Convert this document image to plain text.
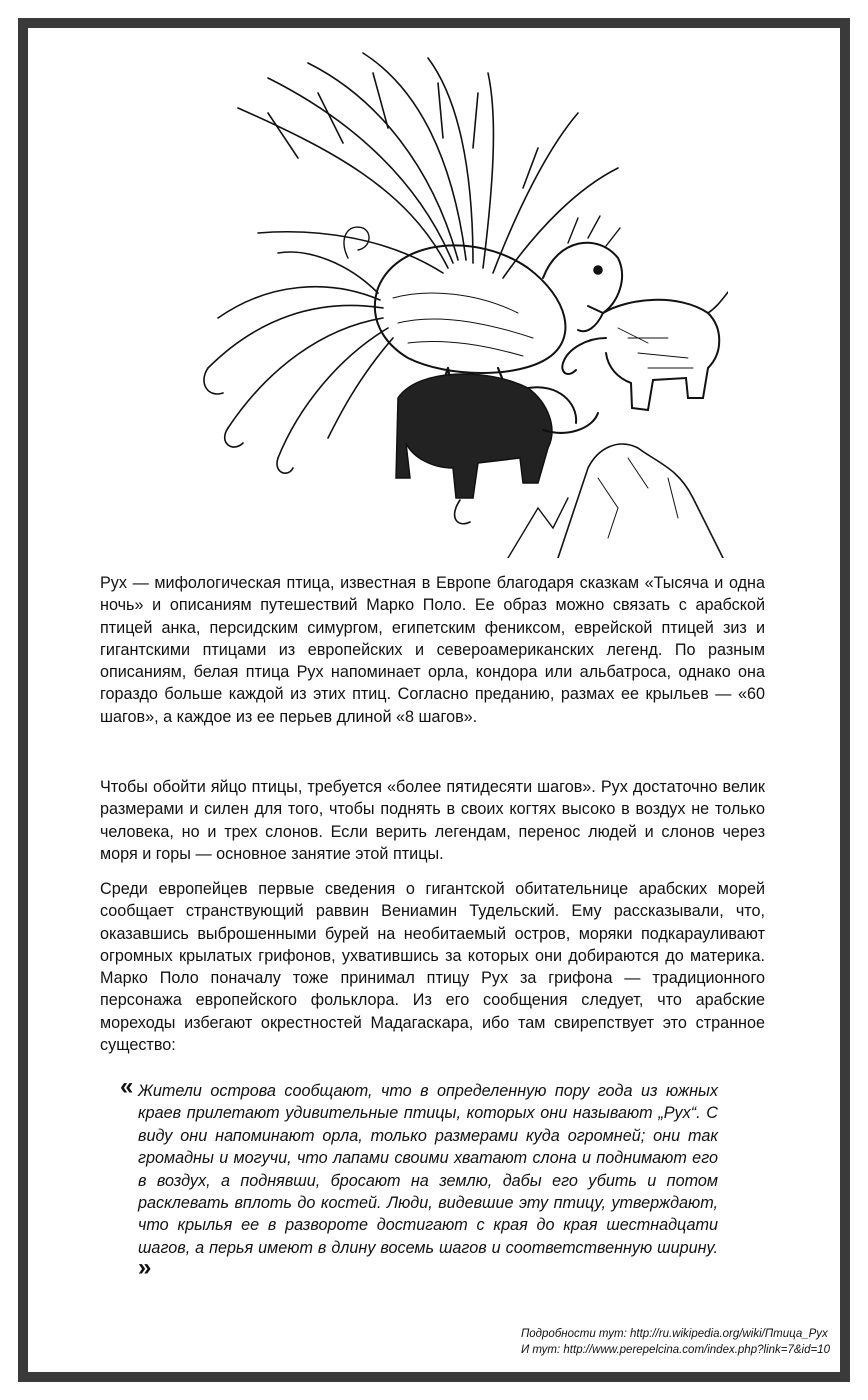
Рух — мифологическая птица, известная в Европе благодаря сказкам «Тысяча и одна ночь» и описаниям путешествий Марко Поло. Ее образ можно связать с арабской птицей анка, персидским симургом, египетским фениксом, еврейской птицей зиз и гигантскими птицами из европейских и североамериканских легенд. По разным описаниям, белая птица Рух напоминает орла, кондора или альбатроса, однако она гораздо больше каждой из этих птиц. Согласно преданию, размах ее крыльев — «60 шагов», а каждое из ее перьев длиной «8 шагов».

Чтобы обойти яйцо птицы, требуется «более пятидесяти шагов». Рух достаточно велик размерами и силен для того, чтобы поднять в своих когтях высоко в воздух не только человека, но и трех слонов. Если верить легендам, перенос людей и слонов через моря и горы — основное занятие этой птицы.

Среди европейцев первые сведения о гигантской обитательнице арабских морей сообщает странствующий раввин Вениамин Тудельский. Ему рассказывали, что, оказавшись выброшенными бурей на необитаемый остров, моряки подкарауливают огромных крылатых грифонов, ухватившись за которых они добираются до материка. Марко Поло поначалу тоже принимал птицу Рух за грифона — традиционного персонажа европейского фольклора. Из его сообщения следует, что арабские мореходы избегают окрестностей Мадагаскара, ибо там свирепствует это странное существо:

« Жители острова сообщают, что в определенную пору года из южных краев прилетают удивительные птицы, которых они называют „Рух“. С виду они напоминают орла, только размерами куда огромней; они так громадны и могучи, что лапами своими хватают слона и поднимают его в воздух, а поднявши, бросают на землю, дабы его убить и потом расклевать вплоть до костей. Люди, видевшие эту птицу, утверждают, что крылья ее в развороте достигают с края до края шестнадцати шагов, а перья имеют в длину восемь шагов и соответственную ширину. »
Подробности тут: http://ru.wikipedia.org/wiki/Птица_Рух
И тут: http://www.perepelcina.com/index.php?link=7&id=10
